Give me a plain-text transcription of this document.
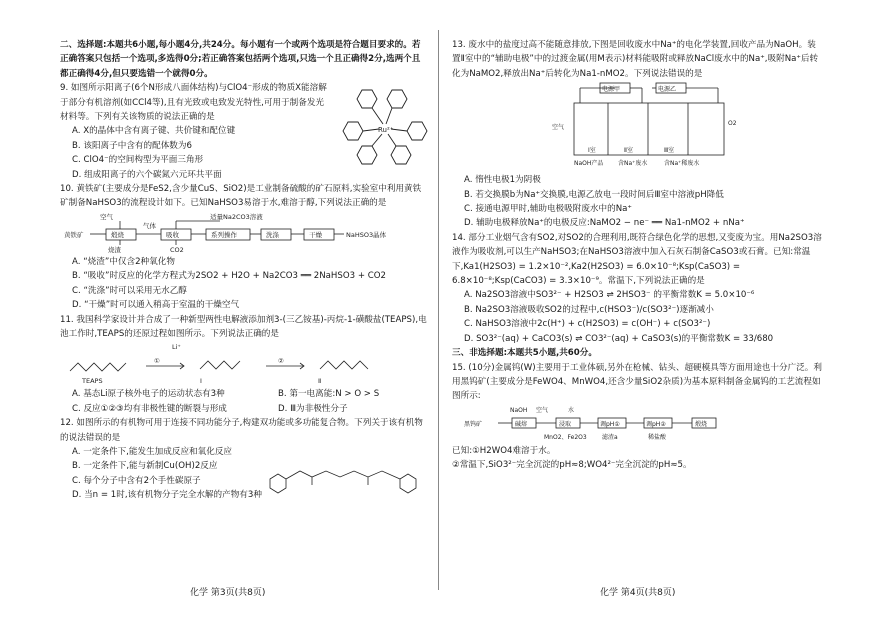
二、选择题:本题共6小题,每小题4分,共24分。每小题有一个或两个选项是符合题目要求的。若正确答案只包括一个选项,多选得0分;若正确答案包括两个选项,只选一个且正确得2分,选两个且都正确得4分,但只要选错一个就得0分。

9. 如图所示阳离子(6个N形成八面体结构)与ClO4⁻形成的物质X能溶解于部分有机溶剂(如CCl4等),且有光致或电致发光特性,可用于制备发光材料等。下列有关该物质的说法正确的是

Ru²⁺

A. X的晶体中含有离子键、共价键和配位键

B. 该阳离子中含有的配体数为6

C. ClO4⁻的空间构型为平面三角形

D. 组成阳离子的六个碳氮六元环共平面

10. 黄铁矿(主要成分是FeS2,含少量CuS、SiO2)是工业制备硫酸的矿石原料,实验室中利用黄铁矿制备NaHSO3的流程设计如下。已知NaHSO3易溶于水,难溶于醇,下列说法正确的是

空气	适量Na2CO3溶液
气体
黄铁矿	煅烧	吸收	系列操作	洗涤	干燥	NaHSO3晶体
烧渣	CO2

A. “烧渣”中仅含2种氧化物

B. “吸收”时反应的化学方程式为2SO2 + H2O + Na2CO3 ══ 2NaHSO3 + CO2

C. “洗涤”时可以采用无水乙醇

D. “干燥”时可以通入稍高于室温的干燥空气

11. 我国科学家设计并合成了一种新型两性电解液添加剂3-(三乙铵基)-丙烷-1-磺酸盐(TEAPS),电池工作时,TEAPS的还原过程如图所示。下列说法正确的是

TEAPS	Ⅰ	Ⅱ
Li⁺
①	②
A. 基态Li原子核外电子的运动状态有3种	B. 第一电离能:N > O > S
C. 反应①②③均有非极性键的断裂与形成	D. Ⅲ为非极性分子

12. 如图所示的有机物可用于连接不同功能分子,构建双功能或多功能复合物。下列关于该有机物的说法错误的是

A. 一定条件下,能发生加成反应和氧化反应

B. 一定条件下,能与新制Cu(OH)2反应

C. 每个分子中含有2个手性碳原子

D. 当n = 1时,该有机物分子完全水解的产物有3种

化学 第3页(共8页)

13. 废水中的盐度过高不能随意排放,下图是回收废水中Na⁺的电化学装置,回收产品为NaOH。装置Ⅱ室中的“辅助电极”中的过渡金属(用M表示)材料能吸附或释放NaCl废水中的Na⁺,吸附Na⁺后转化为NaMO2,释放出Na⁺后转化为Na1-nMO2。下列说法错误的是

电源甲	电源乙
空气
O2
Ⅰ室	Ⅱ室	Ⅲ室
NaOH产品 含Na⁺废水	含Na⁺稀废水

A. 惰性电极1为阴极

B. 若交换膜b为Na⁺交换膜,电源乙放电一段时间后Ⅲ室中溶液pH降低

C. 接通电源甲时,辅助电极吸附废水中的Na⁺

D. 辅助电极释放Na⁺的电极反应:NaMO2 − ne⁻ ══ Na1-nMO2 + nNa⁺

14. 部分工业烟气含有SO2,对SO2的合理利用,既符合绿色化学的思想,又变废为宝。用Na2SO3溶液作为吸收剂,可以生产NaHSO3;在NaHSO3溶液中加入石灰石制备CaSO3或石膏。已知:常温下,Ka1(H2SO3) = 1.2×10⁻²,Ka2(H2SO3) = 6.0×10⁻⁸;Ksp(CaSO3) = 6.8×10⁻⁸;Ksp(CaCO3) = 3.3×10⁻⁹。常温下,下列说法正确的是

A. Na2SO3溶液中SO3²⁻ + H2SO3 ⇌ 2HSO3⁻ 的平衡常数K = 5.0×10⁻⁶

B. Na2SO3溶液吸收SO2的过程中,c(HSO3⁻)/c(SO3²⁻)逐渐减小

C. NaHSO3溶液中2c(H⁺) + c(H2SO3) = c(OH⁻) + c(SO3²⁻)

D. SO3²⁻(aq) + CaCO3(s) ⇌ CO3²⁻(aq) + CaSO3(s)的平衡常数K = 33/680

三、非选择题:本题共5小题,共60分。

15. (10分)金属钨(W)主要用于工业体硕,另外在枪械、钻头、超硬模具等方面用途也十分广泛。利用黑钨矿(主要成分是FeWO4、MnWO4,还含少量SiO2杂质)为基本原料制备金属钨的工艺流程如图所示:

NaOH 空气	水
黑钨矿	碱熔	浸取	调pH①	调pH②	煅烧
MnO2、Fe2O3	滤渣a	稀盐酸

已知:①H2WO4难溶于水。

②常温下,SiO3²⁻完全沉淀的pH≈8;WO4²⁻完全沉淀的pH≈5。

化学 第4页(共8页)
